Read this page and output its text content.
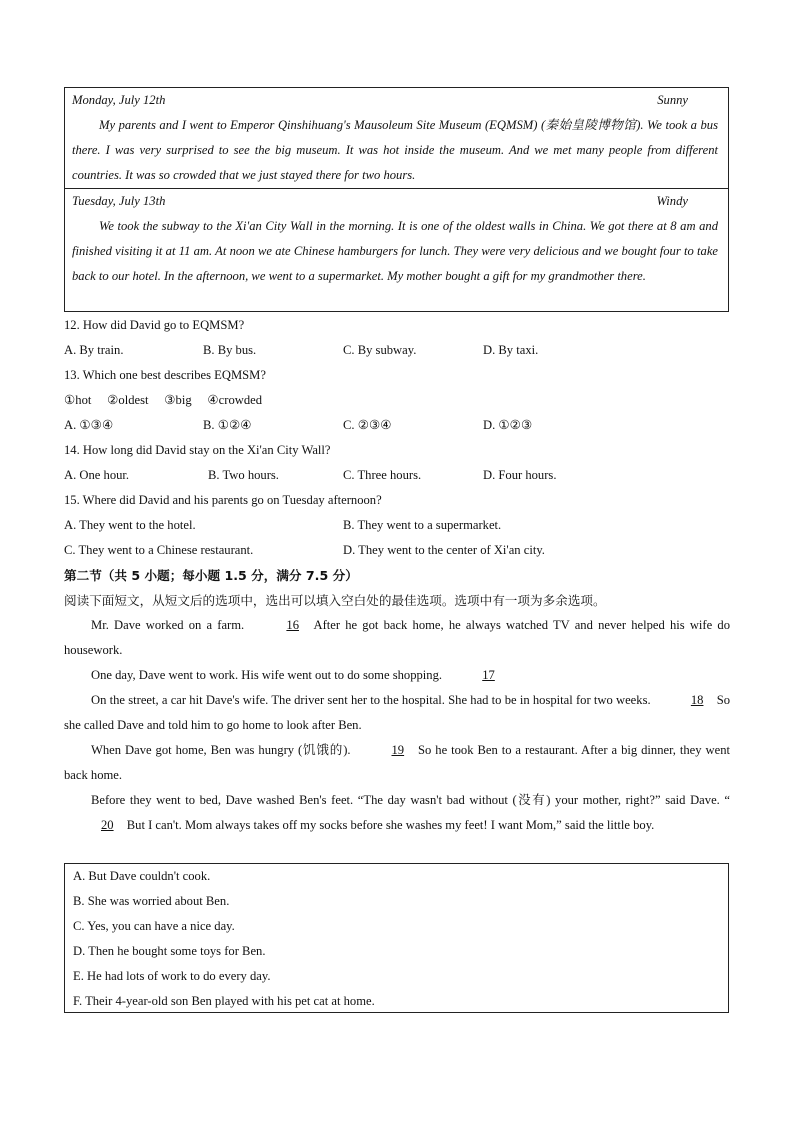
Monday, July 12th	Sunny
My parents and I went to Emperor Qinshihuang's Mausoleum Site Museum (EQMSM) (秦始皇陵博物馆). We took a bus there. I was very surprised to see the big museum. It was hot inside the museum. And we met many people from different countries. It was so crowded that we just stayed there for two hours.
Tuesday, July 13th	Windy
We took the subway to the Xi'an City Wall in the morning. It is one of the oldest walls in China. We got there at 8 am and finished visiting it at 11 am. At noon we ate Chinese hamburgers for lunch. They were very delicious and we bought four to take back to our hotel. In the afternoon, we went to a supermarket. My mother bought a gift for my grandmother there.
12. How did David go to EQMSM?
A. By train.	B. By bus.	C. By subway.	D. By taxi.
13. Which one best describes EQMSM?
①hot     ②oldest     ③big     ④crowded
A. ①③④	B. ①②④	C. ②③④	D. ①②③
14. How long did David stay on the Xi'an City Wall?
A. One hour.	B. Two hours.	C. Three hours.	D. Four hours.
15. Where did David and his parents go on Tuesday afternoon?
A. They went to the hotel.	B. They went to a supermarket.
C. They went to a Chinese restaurant.	D. They went to the center of Xi'an city.
第二节（共 5 小题；每小题 1.5 分，满分 7.5 分）
阅读下面短文，从短文后的选项中，选出可以填入空白处的最佳选项。选项中有一项为多余选项。
Mr. Dave worked on a farm.	16 After he got back home, he always watched TV and never helped his wife do housework.
One day, Dave went to work. His wife went out to do some shopping.	17
On the street, a car hit Dave's wife. The driver sent her to the hospital. She had to be in hospital for two weeks.	18 So she called Dave and told him to go home to look after Ben.
When Dave got home, Ben was hungry (饥饿的).	19 So he took Ben to a restaurant. After a big dinner, they went back home.
Before they went to bed, Dave washed Ben's feet. “The day wasn't bad without (没有) your mother, right?” said Dave. “ 20 But I can't. Mom always takes off my socks before she washes my feet! I want Mom,” said the little boy.
A. But Dave couldn't cook.
B. She was worried about Ben.
C. Yes, you can have a nice day.
D. Then he bought some toys for Ben.
E. He had lots of work to do every day.
F. Their 4-year-old son Ben played with his pet cat at home.
